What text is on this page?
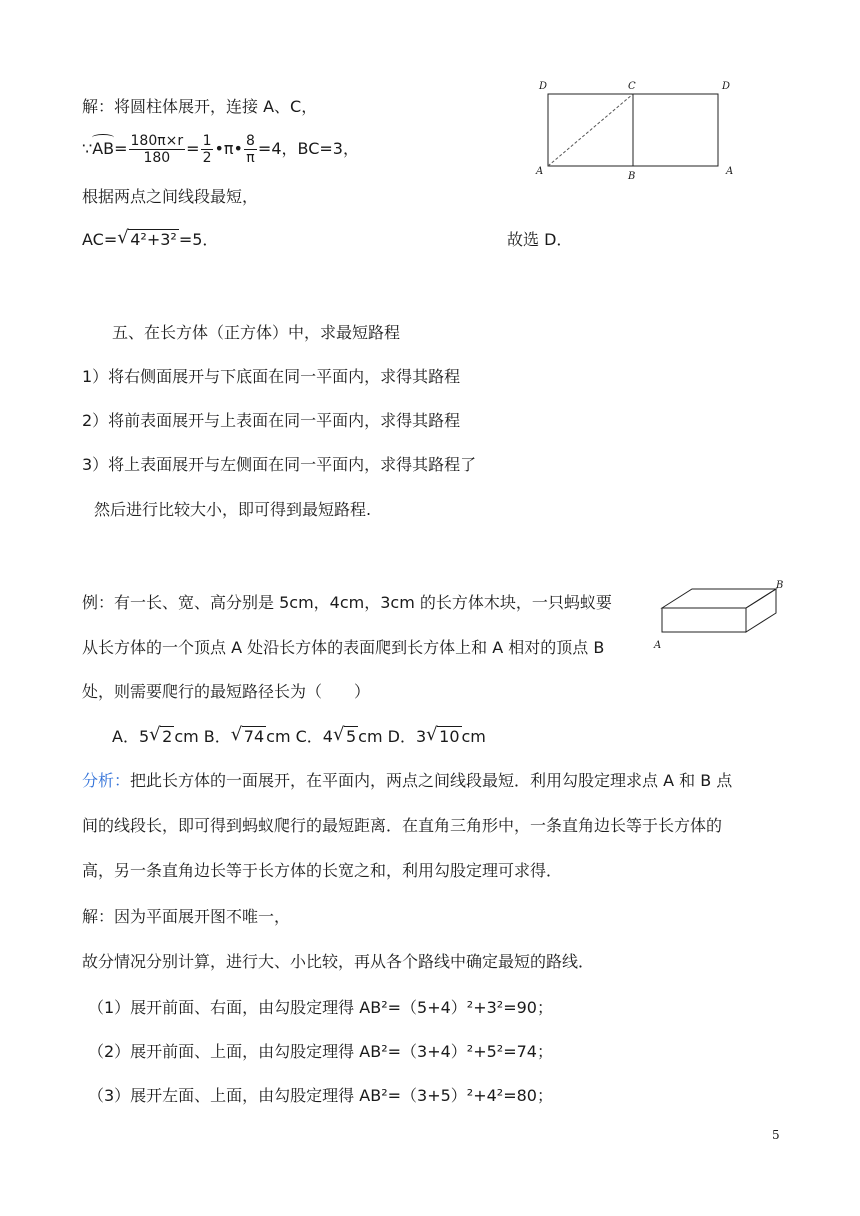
解：将圆柱体展开，连接 A、C，
∵AB= $\frac{180\pi\times r}{180} = \frac{1}{2}$ •π• $\frac{8}{\pi} =4$，BC=3，
根据两点之间线段最短，
AC= √ 4²+3² =5．	故选 D．
D	C	D
A	B	A
五、在长方体（正方体）中，求最短路程
1）将右侧面展开与下底面在同一平面内，求得其路程
2）将前表面展开与上表面在同一平面内，求得其路程
3）将上表面展开与左侧面在同一平面内，求得其路程了
然后进行比较大小，即可得到最短路程.
例：有一长、宽、高分别是 5cm，4cm，3cm 的长方体木块，一只蚂蚁要
从长方体的一个顶点 A 处沿长方体的表面爬到长方体上和 A 相对的顶点 B
处，则需要爬行的最短路径长为（　　）
A．5 √ 2 cm B． √ 74 cm C．4 √ 5 cm D．3 √ 10 cm
B
A
分析：把此长方体的一面展开，在平面内，两点之间线段最短．利用勾股定理求点 A 和 B 点
间的线段长，即可得到蚂蚁爬行的最短距离．在直角三角形中，一条直角边长等于长方体的
高，另一条直角边长等于长方体的长宽之和，利用勾股定理可求得．
解：因为平面展开图不唯一，
故分情况分别计算，进行大、小比较，再从各个路线中确定最短的路线．
（1）展开前面、右面，由勾股定理得 AB²=（5+4）²+3²=90；
（2）展开前面、上面，由勾股定理得 AB²=（3+4）²+5²=74；
（3）展开左面、上面，由勾股定理得 AB²=（3+5）²+4²=80；
5
